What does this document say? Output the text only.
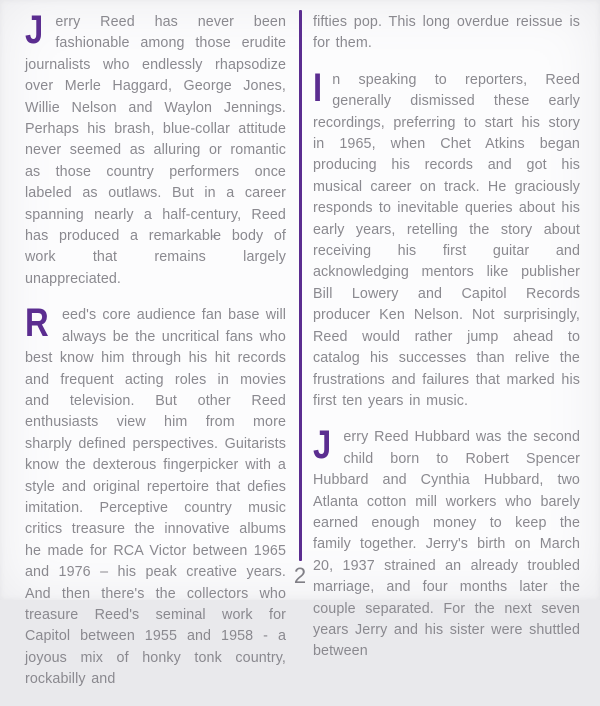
Jerry Reed has never been fashionable among those erudite journalists who endlessly rhapsodize over Merle Haggard, George Jones, Willie Nelson and Waylon Jennings. Perhaps his brash, blue-collar attitude never seemed as alluring or romantic as those country performers once labeled as outlaws. But in a career spanning nearly a half-century, Reed has produced a remarkable body of work that remains largely unappreciated.

Reed's core audience fan base will always be the uncritical fans who best know him through his hit records and frequent acting roles in movies and television. But other Reed enthusiasts view him from more sharply defined perspectives. Guitarists know the dexterous fingerpicker with a style and original repertoire that defies imitation. Perceptive country music critics treasure the innovative albums he made for RCA Victor between 1965 and 1976 – his peak creative years. And then there's the collectors who treasure Reed's seminal work for Capitol between 1955 and 1958 - a joyous mix of honky tonk country, rockabilly and

fifties pop. This long overdue reissue is for them.

In speaking to reporters, Reed generally dismissed these early recordings, preferring to start his story in 1965, when Chet Atkins began producing his records and got his musical career on track. He graciously responds to inevitable queries about his early years, retelling the story about receiving his first guitar and acknowledging mentors like publisher Bill Lowery and Capitol Records producer Ken Nelson. Not surprisingly, Reed would rather jump ahead to catalog his successes than relive the frustrations and failures that marked his first ten years in music.

Jerry Reed Hubbard was the second child born to Robert Spencer Hubbard and Cynthia Hubbard, two Atlanta cotton mill workers who barely earned enough money to keep the family together. Jerry's birth on March 20, 1937 strained an already troubled marriage, and four months later the couple separated. For the next seven years Jerry and his sister were shuttled between

2
